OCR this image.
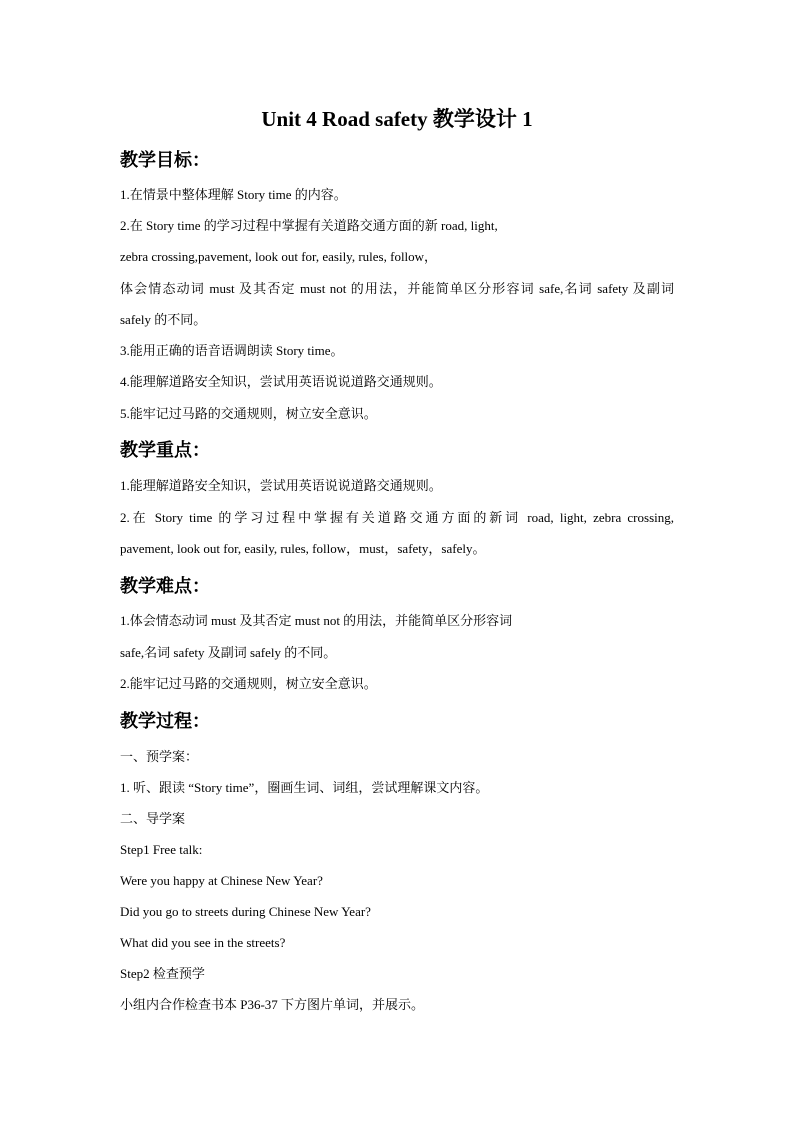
Unit 4 Road safety 教学设计 1
教学目标：
1.在情景中整体理解 Story time 的内容。
2.在 Story time 的学习过程中掌握有关道路交通方面的新 road, light,
zebra crossing,pavement, look out for, easily, rules, follow，
体会情态动词 must 及其否定 must not 的用法，并能简单区分形容词 safe,名词 safety 及副词
safely 的不同。
3.能用正确的语音语调朗读 Story time。
4.能理解道路安全知识，尝试用英语说说道路交通规则。
5.能牢记过马路的交通规则，树立安全意识。
教学重点：
1.能理解道路安全知识，尝试用英语说说道路交通规则。
2.在 Story time 的学习过程中掌握有关道路交通方面的新词 road, light, zebra crossing,
pavement, look out for, easily, rules, follow，must，safety，safely。
教学难点：
1.体会情态动词 must 及其否定 must not 的用法，并能简单区分形容词
safe,名词 safety 及副词 safely 的不同。
2.能牢记过马路的交通规则，树立安全意识。
教学过程：
一、预学案：
1. 听、跟读 “Story time”，圈画生词、词组，尝试理解课文内容。
二、导学案
Step1 Free talk:
Were you happy at Chinese New Year?
Did you go to streets during Chinese New Year?
What did you see in the streets?
Step2 检查预学
小组内合作检查书本 P36-37 下方图片单词，并展示。
